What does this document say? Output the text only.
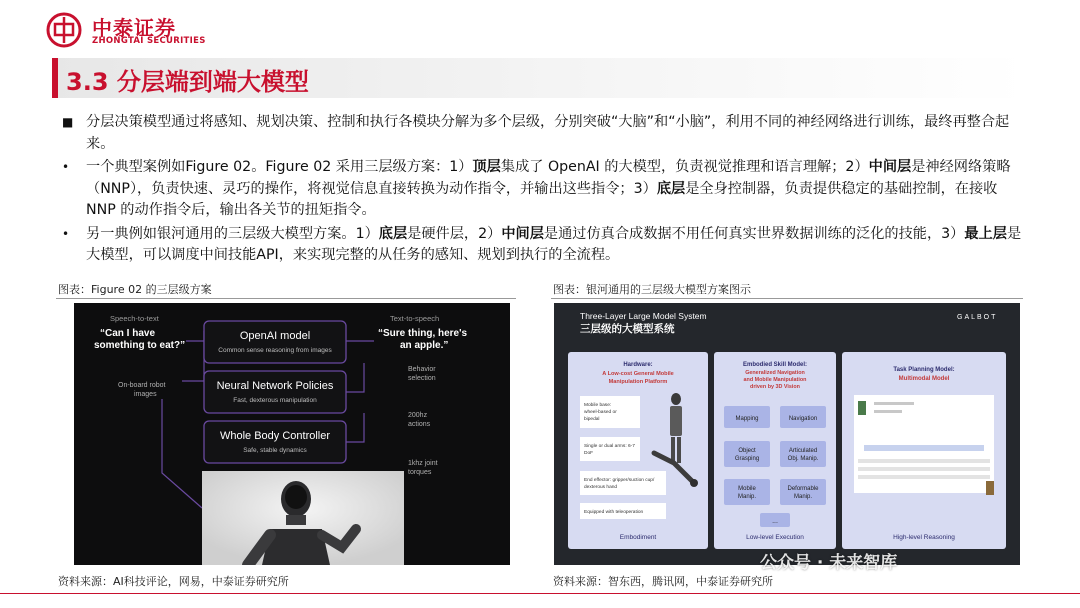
中泰证券
ZHONGTAI SECURITIES
3.3 分层端到端大模型
■ 分层决策模型通过将感知、规划决策、控制和执行各模块分解为多个层级，分别突破“大脑”和“小脑”，利用不同的神经网络进行训练，最终再整合起来。
•	一个典型案例如Figure 02。Figure 02 采用三层级方案：1）顶层集成了 OpenAI 的大模型，负责视觉推理和语言理解；2）中间层是神经网络策略（NNP），负责快速、灵巧的操作，将视觉信息直接转换为动作指令，并输出这些指令；3）底层是全身控制器，负责提供稳定的基础控制，在接收 NNP 的动作指令后，输出各关节的扭矩指令。
•	另一典例如银河通用的三层级大模型方案。1）底层是硬件层，2）中间层是通过仿真合成数据不用任何真实世界数据训练的泛化的技能，3）最上层是大模型，可以调度中间技能API，来实现完整的从任务的感知、规划到执行的全流程。
图表：Figure 02 的三层级方案	图表：银河通用的三层级大模型方案图示
Speech-to-text
“Can I have
something to eat?”
On-board robot
images
OpenAI model
Common sense reasoning from images
Neural Network Policies
Fast, dexterous manipulation
Whole Body Controller
Safe, stable dynamics
Text-to-speech
“Sure thing, here's
an apple.”
Behavior
selection
200hz
actions
1khz joint
torques
Three-Layer Large Model System
三层级的大模型系统
GALBOT
Hardware:
A Low-cost General Mobile
Manipulation Platform
Mobile base:
wheel-based or
bipedal
Single or dual arms: 6-7
DoF
End effector: gripper/suction cup/
dexterous hand
Equipped with teleoperation
Embodiment
Embodied Skill Model:
Generalized Navigation
and Mobile Manipulation
driven by 3D Vision
Mapping	Navigation
Object
Grasping
Articulated
Obj. Manip.
Mobile
Manip.
Deformable
Manip.
...
Low-level Execution
Task Planning Model:
Multimodal Model
High-level Reasoning
资料来源：AI科技评论，网易，中泰证券研究所	资料来源：智东西，腾讯网，中泰证券研究所
公众号 · 未来智库
